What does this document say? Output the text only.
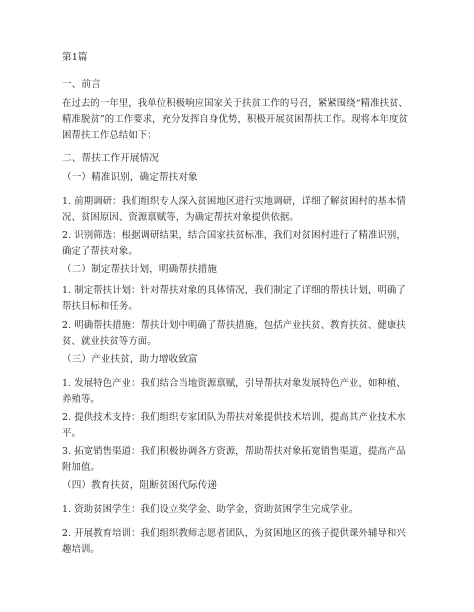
第1篇
一、前言
在过去的一年里，我单位积极响应国家关于扶贫工作的号召，紧紧围绕“精准扶贫、精准脱贫”的工作要求，充分发挥自身优势，积极开展贫困帮扶工作。现将本年度贫困帮扶工作总结如下：
二、帮扶工作开展情况
（一）精准识别，确定帮扶对象
1. 前期调研：我们组织专人深入贫困地区进行实地调研，详细了解贫困村的基本情况、贫困原因、资源禀赋等，为确定帮扶对象提供依据。
2. 识别筛选：根据调研结果，结合国家扶贫标准，我们对贫困村进行了精准识别，确定了帮扶对象。
（二）制定帮扶计划，明确帮扶措施
1. 制定帮扶计划：针对帮扶对象的具体情况，我们制定了详细的帮扶计划，明确了帮扶目标和任务。
2. 明确帮扶措施：帮扶计划中明确了帮扶措施，包括产业扶贫、教育扶贫、健康扶贫、就业扶贫等方面。
（三）产业扶贫，助力增收致富
1. 发展特色产业：我们结合当地资源禀赋，引导帮扶对象发展特色产业，如种植、养殖等。
2. 提供技术支持：我们组织专家团队为帮扶对象提供技术培训，提高其产业技术水平。
3. 拓宽销售渠道：我们积极协调各方资源，帮助帮扶对象拓宽销售渠道，提高产品附加值。
（四）教育扶贫，阻断贫困代际传递
1. 资助贫困学生：我们设立奖学金、助学金，资助贫困学生完成学业。
2. 开展教育培训：我们组织教师志愿者团队，为贫困地区的孩子提供课外辅导和兴趣培训。
